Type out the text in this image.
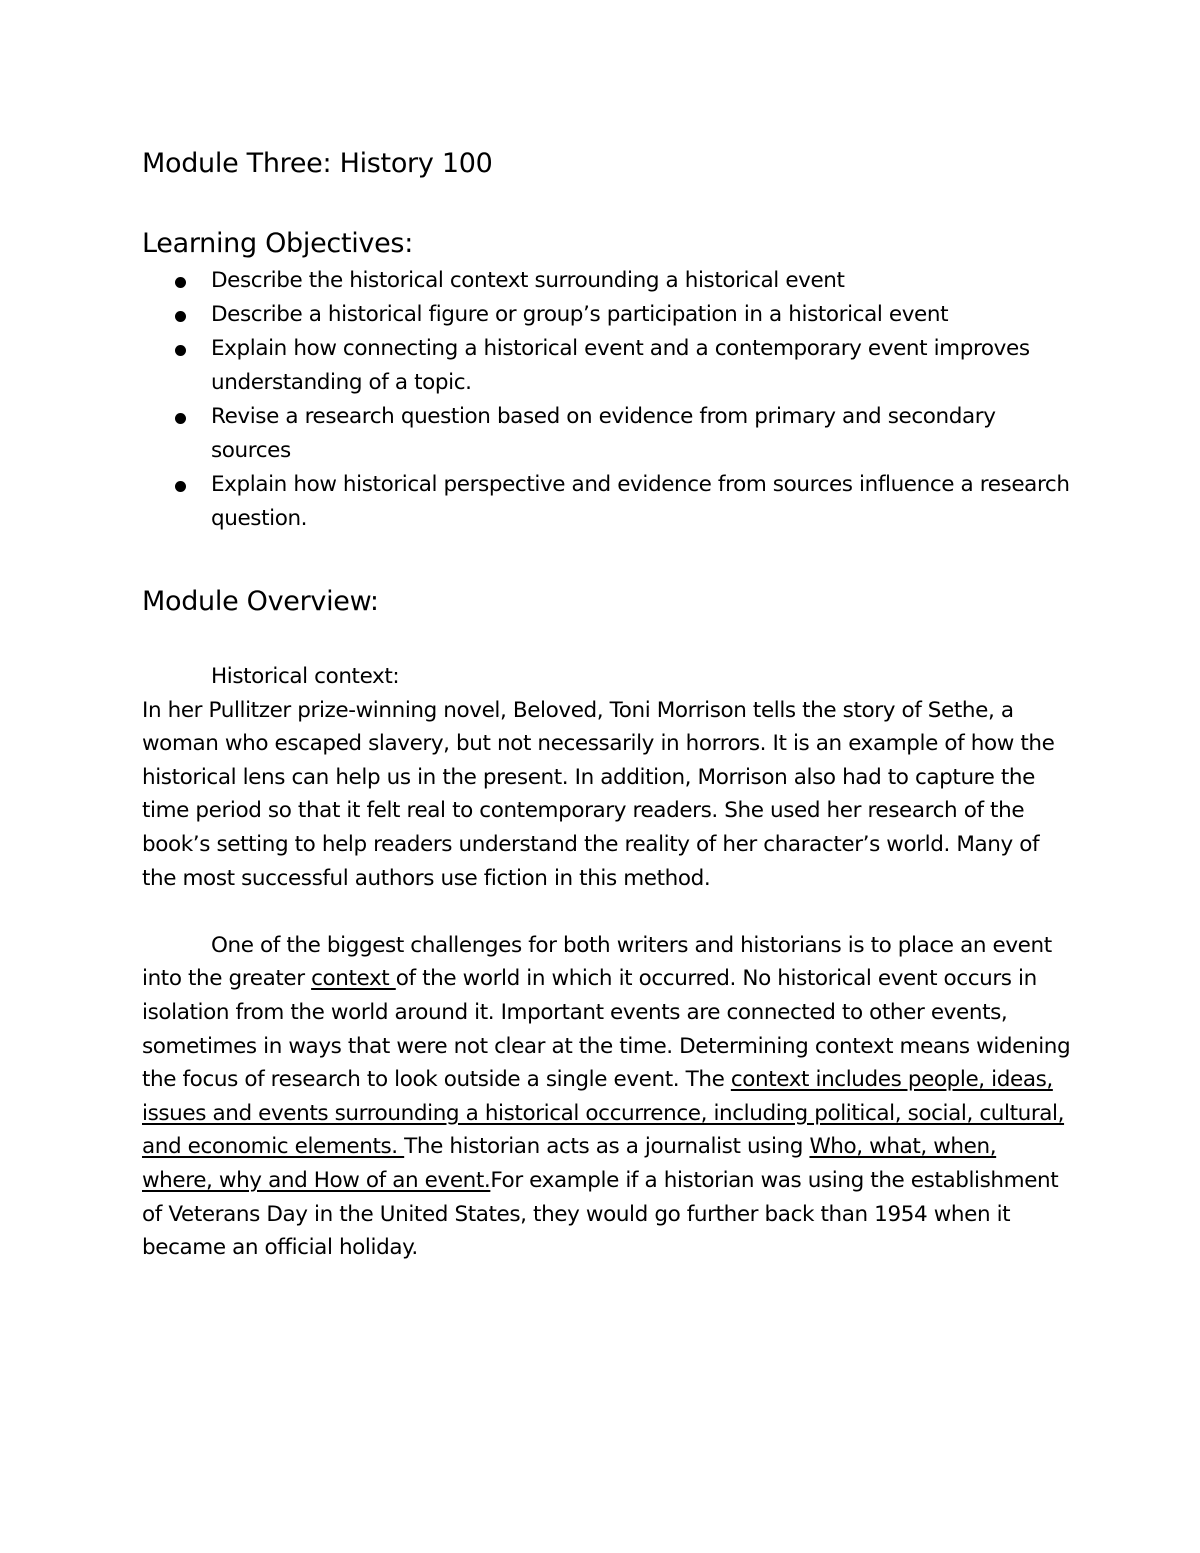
Module Three: History 100
Learning Objectives:
Describe the historical context surrounding a historical event
Describe a historical figure or group’s participation in a historical event
Explain how connecting a historical event and a contemporary event improves understanding of a topic.
Revise a research question based on evidence from primary and secondary sources
Explain how historical perspective and evidence from sources influence a research question.
Module Overview:

Historical context:

In her Pullitzer prize-winning novel, Beloved, Toni Morrison tells the story of Sethe, a woman who escaped slavery, but not necessarily in horrors. It is an example of how the historical lens can help us in the present. In addition, Morrison also had to capture the time period so that it felt real to contemporary readers. She used her research of the book’s setting to help readers understand the reality of her character’s world. Many of the most successful authors use fiction in this method.

One of the biggest challenges for both writers and historians is to place an event into the greater context of the world in which it occurred. No historical event occurs in isolation from the world around it. Important events are connected to other events, sometimes in ways that were not clear at the time. Determining context means widening the focus of research to look outside a single event. The context includes people, ideas, issues and events surrounding a historical occurrence, including political, social, cultural, and economic elements. The historian acts as a journalist using Who, what, when, where, why and How of an event.For example if a historian was using the establishment of Veterans Day in the United States, they would go further back than 1954 when it became an official holiday.
